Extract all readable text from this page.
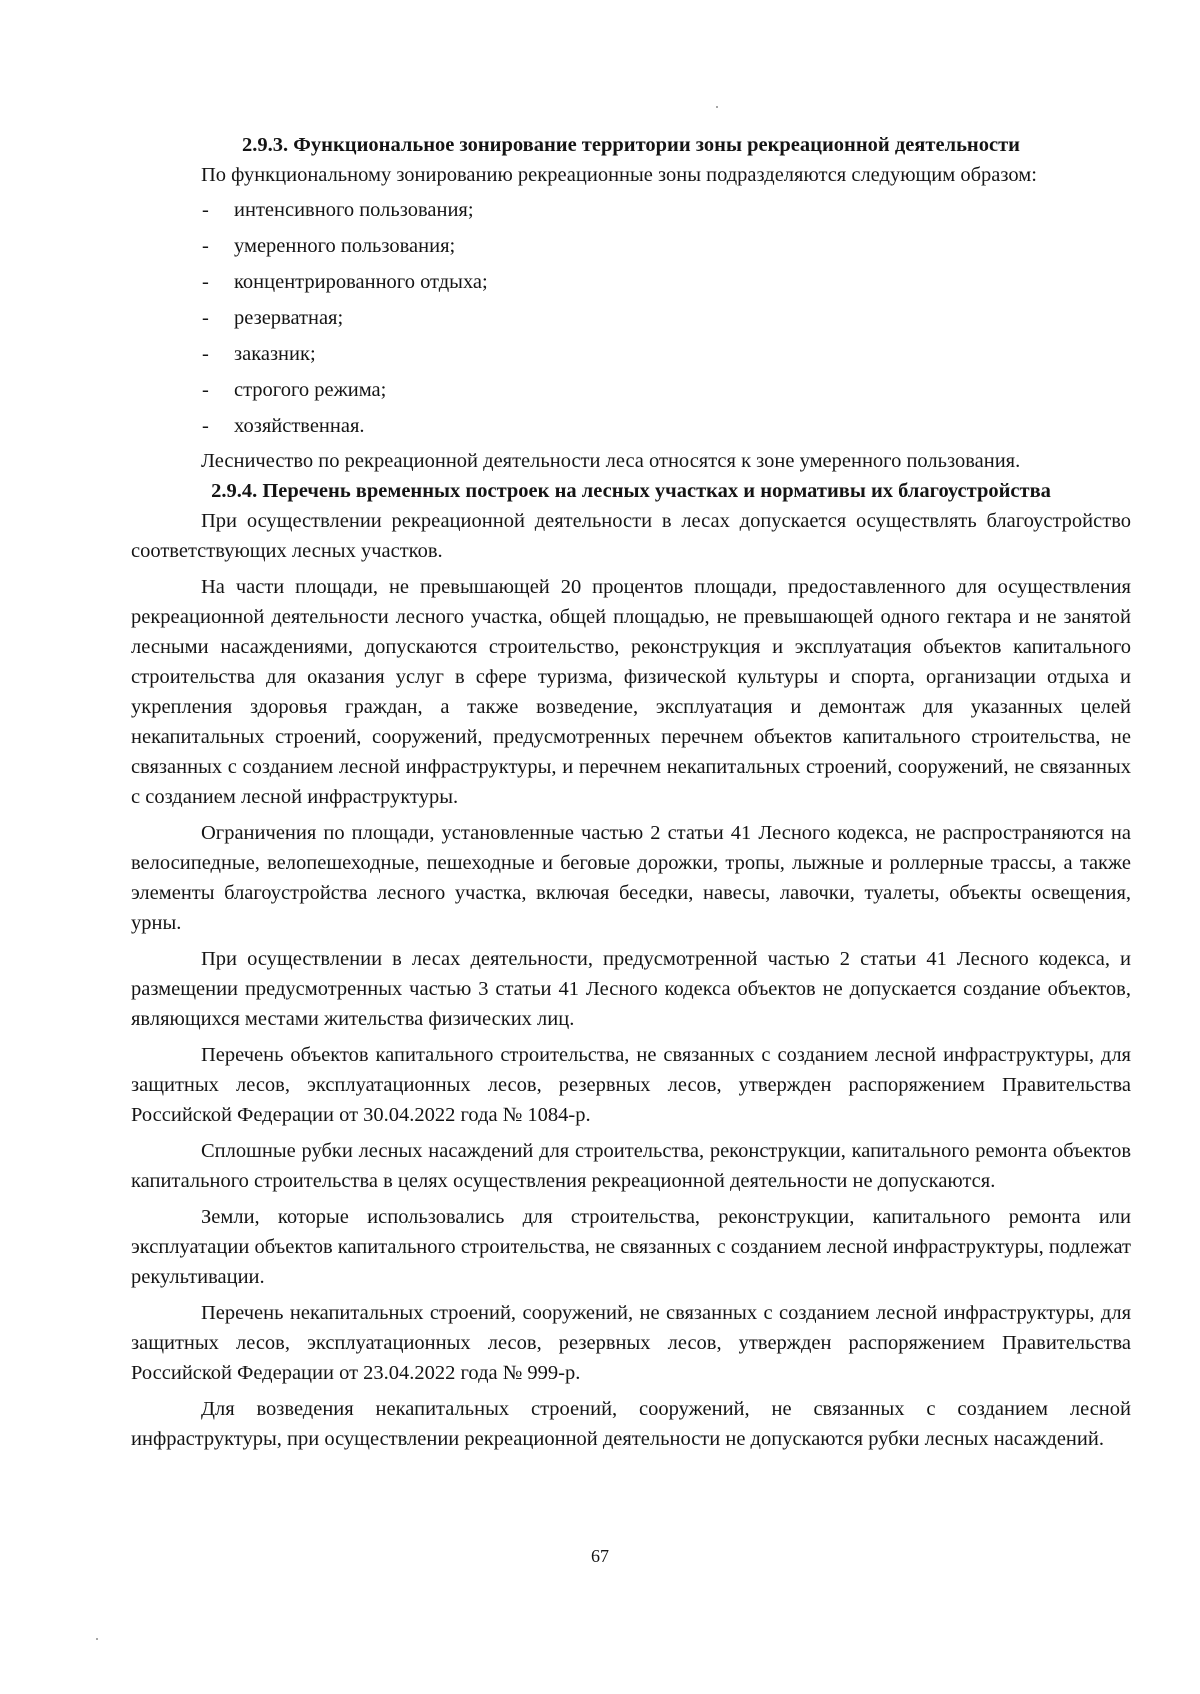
2.9.3. Функциональное зонирование территории зоны рекреационной деятельности

По функциональному зонированию рекреационные зоны подразделяются следующим образом:

- интенсивного пользования;
- умеренного пользования;
- концентрированного отдыха;
- резерватная;
- заказник;
- строгого режима;
- хозяйственная.

Лесничество по рекреационной деятельности леса относятся к зоне умеренного пользования.

2.9.4. Перечень временных построек на лесных участках и нормативы их благоустройства

При осуществлении рекреационной деятельности в лесах допускается осуществлять благоустройство соответствующих лесных участков.

На части площади, не превышающей 20 процентов площади, предоставленного для осуществления рекреационной деятельности лесного участка, общей площадью, не превышающей одного гектара и не занятой лесными насаждениями, допускаются строительство, реконструкция и эксплуатация объектов капитального строительства для оказания услуг в сфере туризма, физической культуры и спорта, организации отдыха и укрепления здоровья граждан, а также возведение, эксплуатация и демонтаж для указанных целей некапитальных строений, сооружений, предусмотренных перечнем объектов капитального строительства, не связанных с созданием лесной инфраструктуры, и перечнем некапитальных строений, сооружений, не связанных с созданием лесной инфраструктуры.

Ограничения по площади, установленные частью 2 статьи 41 Лесного кодекса, не распространяются на велосипедные, велопешеходные, пешеходные и беговые дорожки, тропы, лыжные и роллерные трассы, а также элементы благоустройства лесного участка, включая беседки, навесы, лавочки, туалеты, объекты освещения, урны.

При осуществлении в лесах деятельности, предусмотренной частью 2 статьи 41 Лесного кодекса, и размещении предусмотренных частью 3 статьи 41 Лесного кодекса объектов не допускается создание объектов, являющихся местами жительства физических лиц.

Перечень объектов капитального строительства, не связанных с созданием лесной инфраструктуры, для защитных лесов, эксплуатационных лесов, резервных лесов, утвержден распоряжением Правительства Российской Федерации от 30.04.2022 года № 1084-р.

Сплошные рубки лесных насаждений для строительства, реконструкции, капитального ремонта объектов капитального строительства в целях осуществления рекреационной деятельности не допускаются.

Земли, которые использовались для строительства, реконструкции, капитального ремонта или эксплуатации объектов капитального строительства, не связанных с созданием лесной инфраструктуры, подлежат рекультивации.

Перечень некапитальных строений, сооружений, не связанных с созданием лесной инфраструктуры, для защитных лесов, эксплуатационных лесов, резервных лесов, утвержден распоряжением Правительства Российской Федерации от 23.04.2022 года № 999-р.

Для возведения некапитальных строений, сооружений, не связанных с созданием лесной инфраструктуры, при осуществлении рекреационной деятельности не допускаются рубки лесных насаждений.

67
